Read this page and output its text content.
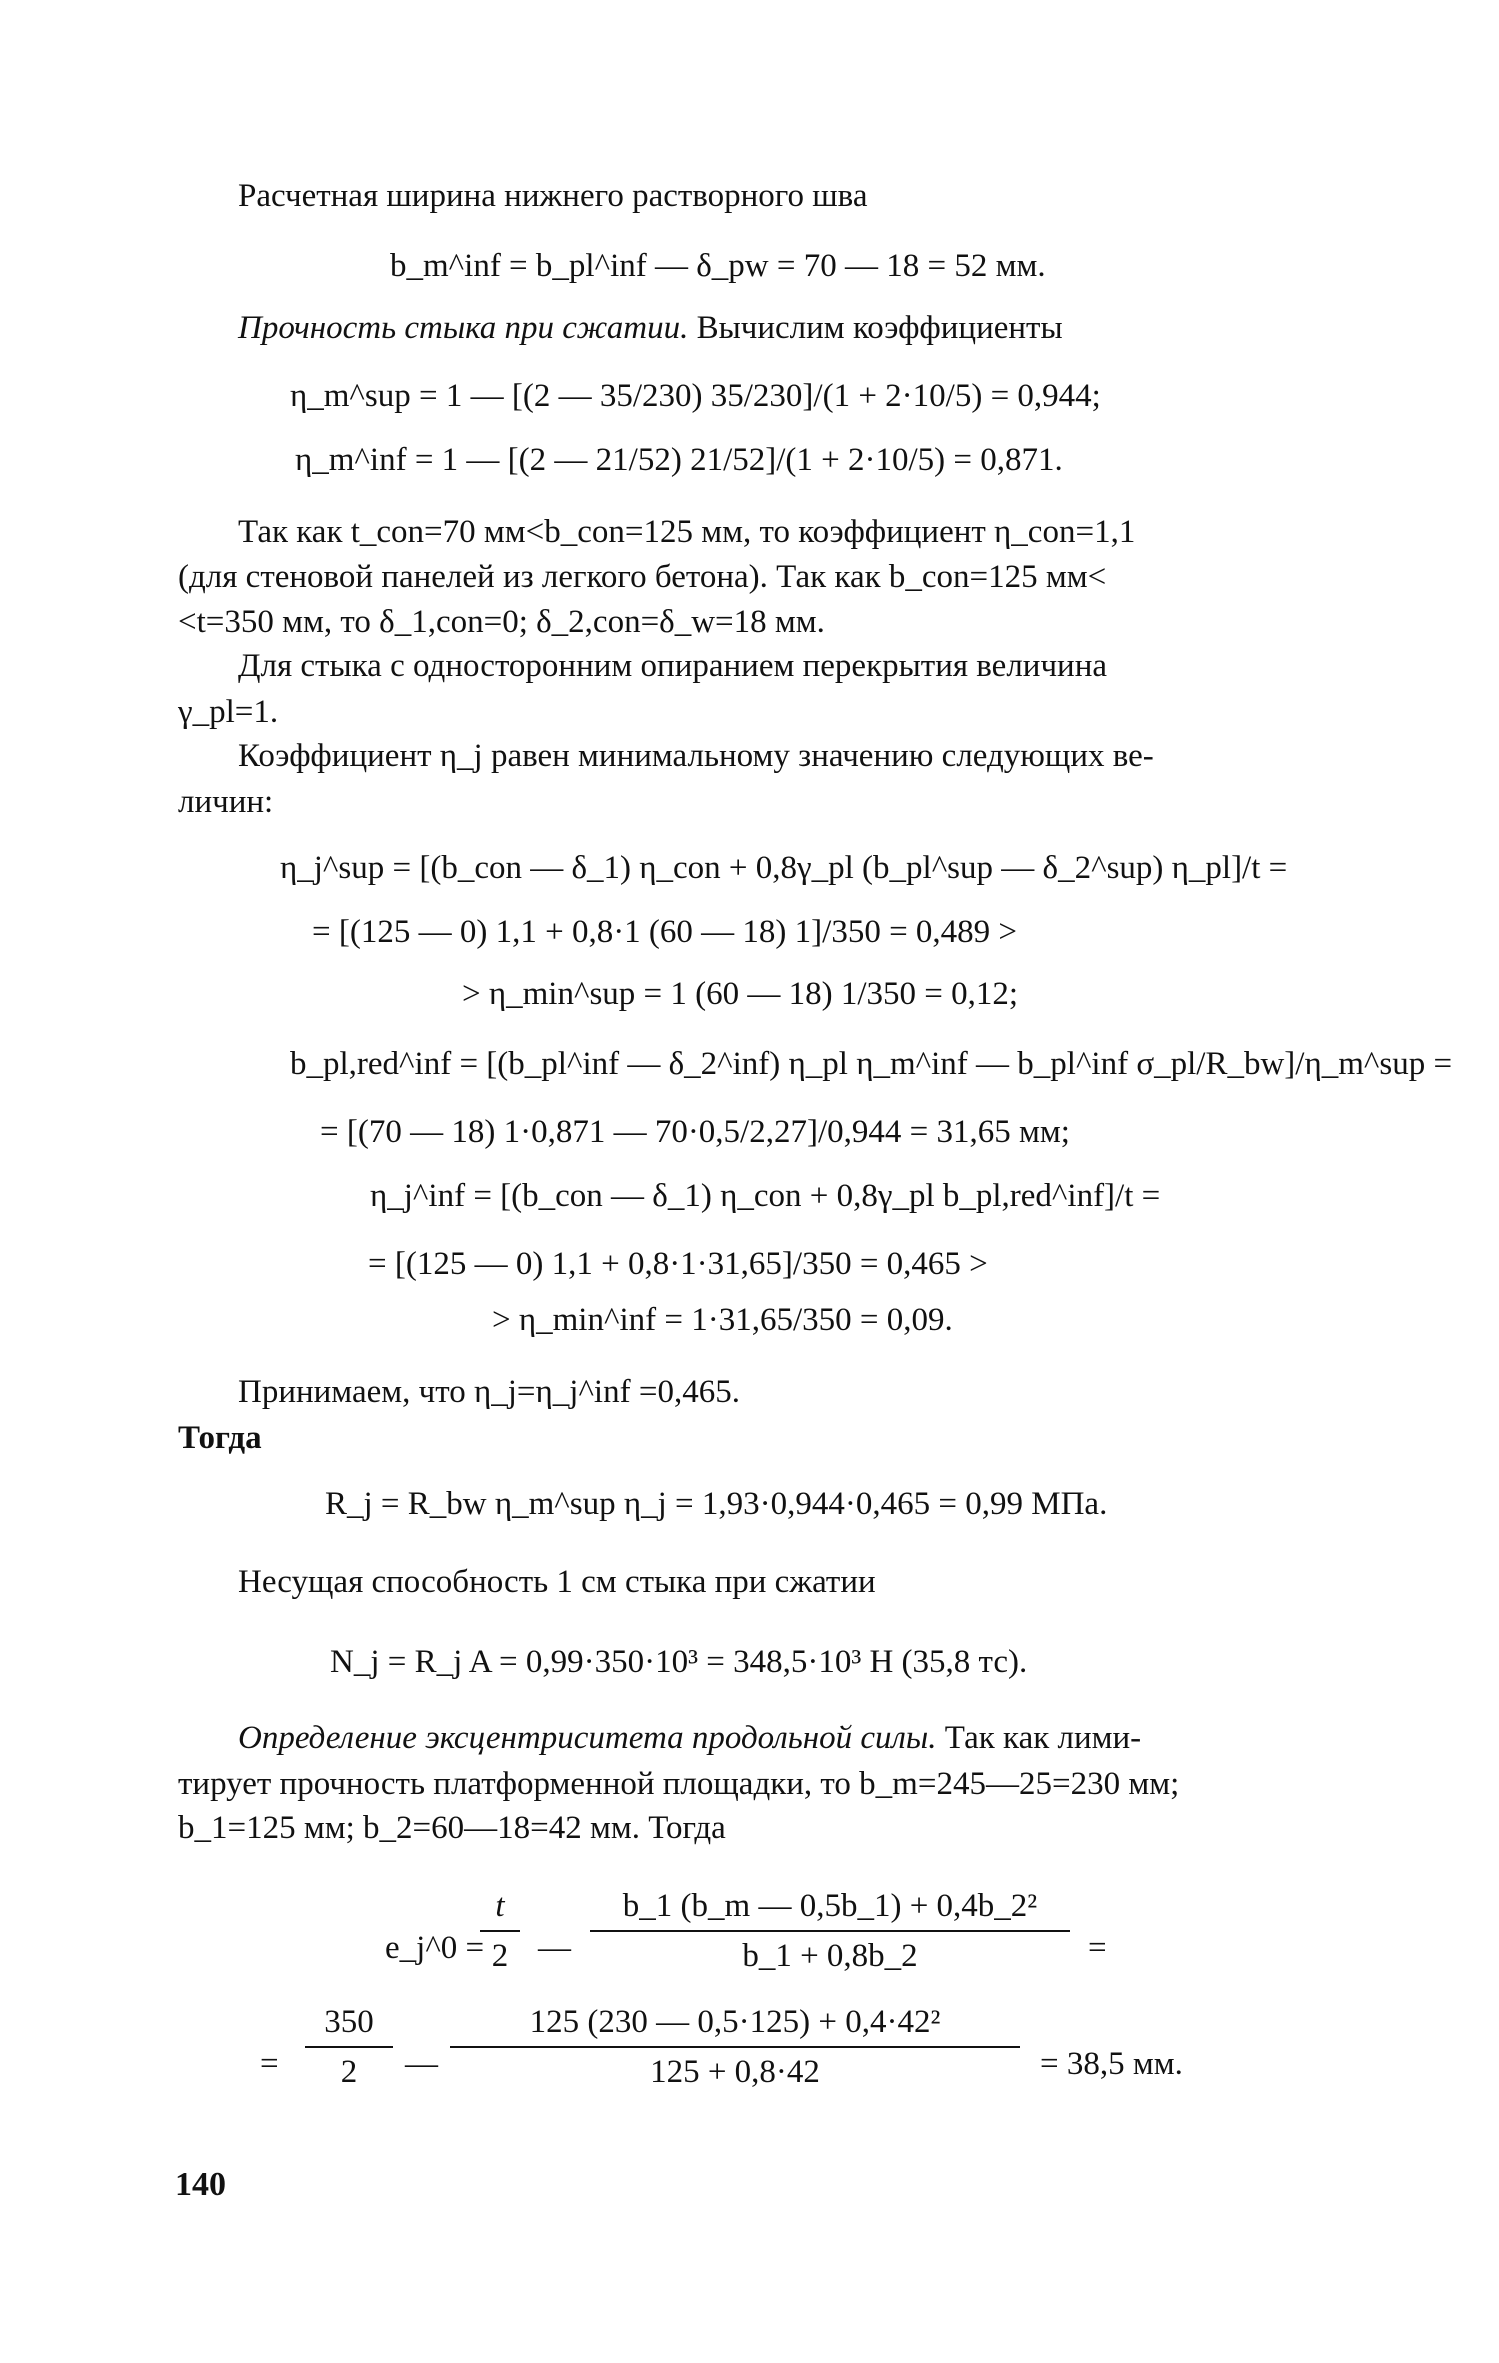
Расчетная ширина нижнего растворного шва
b_m^inf = b_pl^inf — δ_pw = 70 — 18 = 52 мм.
Прочность стыка при сжатии. Вычислим коэффициенты
η_m^sup = 1 — [(2 — 35/230) 35/230]/(1 + 2·10/5) = 0,944;
η_m^inf = 1 — [(2 — 21/52) 21/52]/(1 + 2·10/5) = 0,871.
Так как t_con=70 мм<b_con=125 мм, то коэффициент η_con=1,1
(для стеновой панелей из легкого бетона). Так как b_con=125 мм<
<t=350 мм, то δ_1,con=0; δ_2,con=δ_w=18 мм.
Для стыка с односторонним опиранием перекрытия величина
γ_pl=1.
Коэффициент η_j равен минимальному значению следующих ве-
личин:
η_j^sup = [(b_con — δ_1) η_con + 0,8γ_pl (b_pl^sup — δ_2^sup) η_pl]/t =
= [(125 — 0) 1,1 + 0,8·1 (60 — 18) 1]/350 = 0,489 >
> η_min^sup = 1 (60 — 18) 1/350 = 0,12;
b_pl,red^inf = [(b_pl^inf — δ_2^inf) η_pl η_m^inf — b_pl^inf σ_pl/R_bw]/η_m^sup =
= [(70 — 18) 1·0,871 — 70·0,5/2,27]/0,944 = 31,65 мм;
η_j^inf = [(b_con — δ_1) η_con + 0,8γ_pl b_pl,red^inf]/t =
= [(125 — 0) 1,1 + 0,8·1·31,65]/350 = 0,465 >
> η_min^inf = 1·31,65/350 = 0,09.
Принимаем, что η_j=η_j^inf =0,465.
Тогда
R_j = R_bw η_m^sup η_j = 1,93·0,944·0,465 = 0,99 МПа.
Несущая способность 1 см стыка при сжатии
N_j = R_j A = 0,99·350·10³ = 348,5·10³ Н (35,8 тс).
Определение эксцентриситета продольной силы. Так как лими-
тирует прочность платформенной площадки, то b_m=245—25=230 мм;
b_1=125 мм; b_2=60—18=42 мм. Тогда
e_j^0 =
t
2 —
b_1 (b_m — 0,5b_1) + 0,4b_2²
b_1 + 0,8b_2	=
=
350
2	—
125 (230 — 0,5·125) + 0,4·42²
125 + 0,8·42	= 38,5 мм.
140
